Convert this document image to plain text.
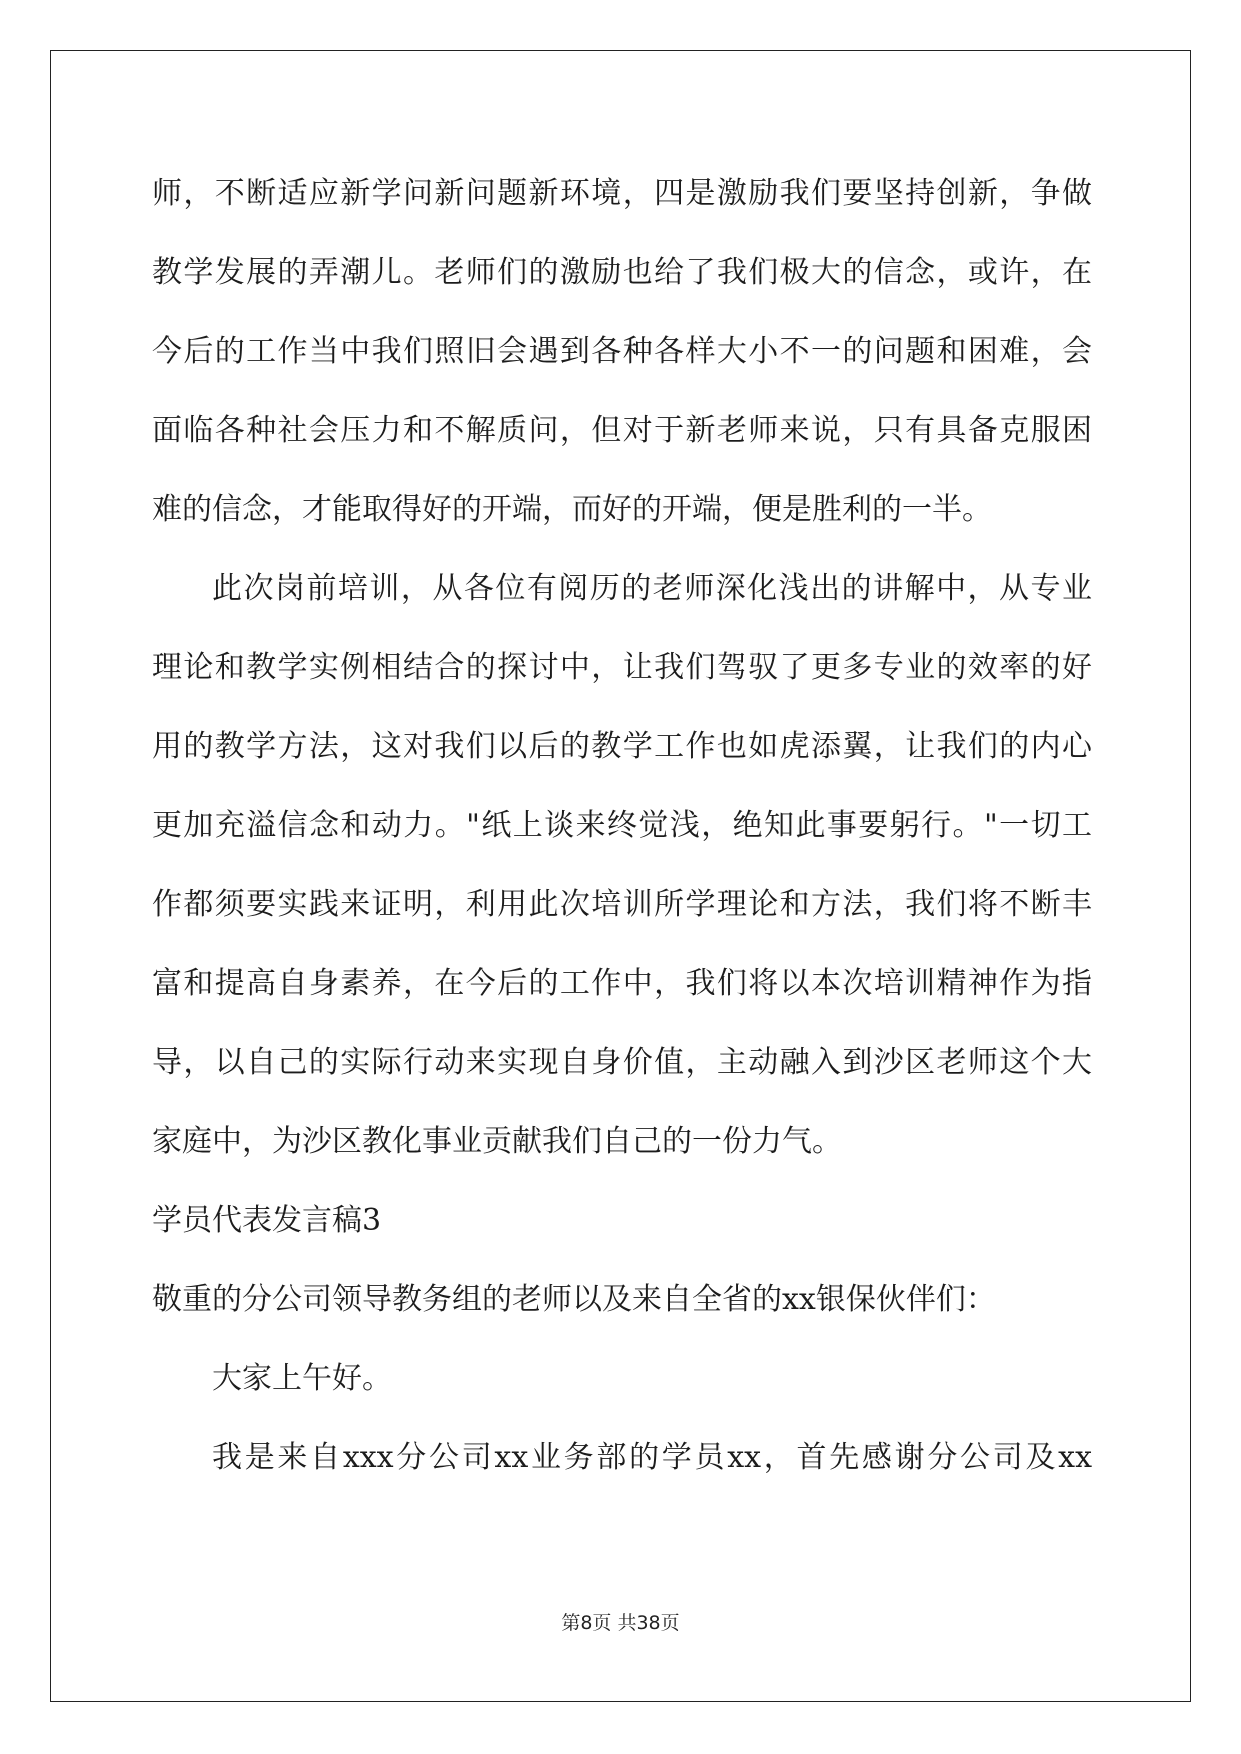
师，不断适应新学问新问题新环境，四是激励我们要坚持创新，争做
教学发展的弄潮儿。老师们的激励也给了我们极大的信念，或许，在
今后的工作当中我们照旧会遇到各种各样大小不一的问题和困难，会
面临各种社会压力和不解质问，但对于新老师来说，只有具备克服困
难的信念，才能取得好的开端，而好的开端，便是胜利的一半。
此次岗前培训，从各位有阅历的老师深化浅出的讲解中，从专业
理论和教学实例相结合的探讨中，让我们驾驭了更多专业的效率的好
用的教学方法，这对我们以后的教学工作也如虎添翼，让我们的内心
更加充溢信念和动力。"纸上谈来终觉浅，绝知此事要躬行。"一切工
作都须要实践来证明，利用此次培训所学理论和方法，我们将不断丰
富和提高自身素养，在今后的工作中，我们将以本次培训精神作为指
导，以自己的实际行动来实现自身价值，主动融入到沙区老师这个大
家庭中，为沙区教化事业贡献我们自己的一份力气。
学员代表发言稿3
敬重的分公司领导教务组的老师以及来自全省的xx银保伙伴们：
大家上午好。
我是来自xxx分公司xx业务部的学员xx，首先感谢分公司及xx
第8页 共38页
